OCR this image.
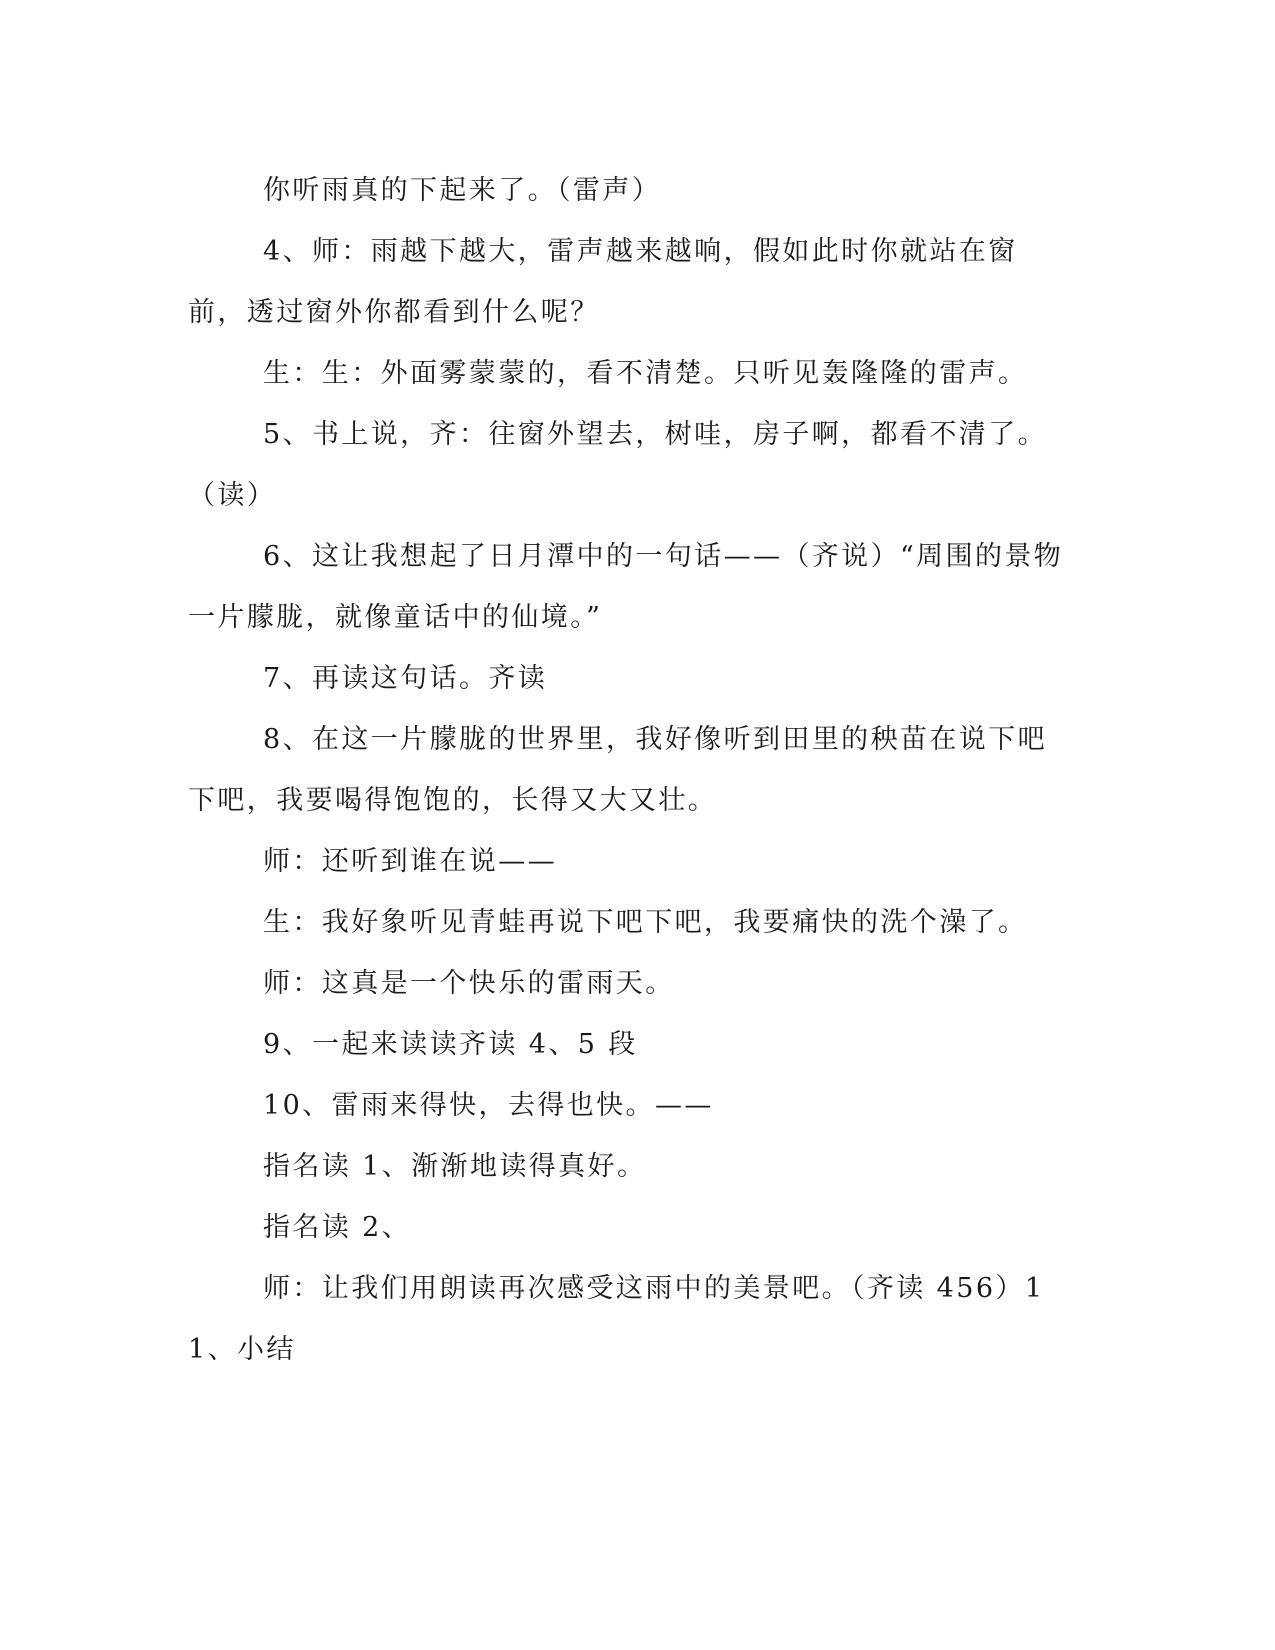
你听雨真的下起来了。（雷声）

4、师：雨越下越大，雷声越来越响，假如此时你就站在窗前，透过窗外你都看到什么呢？

生：生：外面雾蒙蒙的，看不清楚。只听见轰隆隆的雷声。

5、书上说，齐：往窗外望去，树哇，房子啊，都看不清了。（读）

6、这让我想起了日月潭中的一句话——（齐说）“周围的景物一片朦胧，就像童话中的仙境。”

7、再读这句话。齐读

8、在这一片朦胧的世界里，我好像听到田里的秧苗在说下吧下吧，我要喝得饱饱的，长得又大又壮。

师：还听到谁在说——

生：我好象听见青蛙再说下吧下吧，我要痛快的洗个澡了。

师：这真是一个快乐的雷雨天。

9、一起来读读齐读 4、5 段

10、雷雨来得快，去得也快。——

指名读 1、渐渐地读得真好。

指名读 2、

师：让我们用朗读再次感受这雨中的美景吧。（齐读 456）11、小结
